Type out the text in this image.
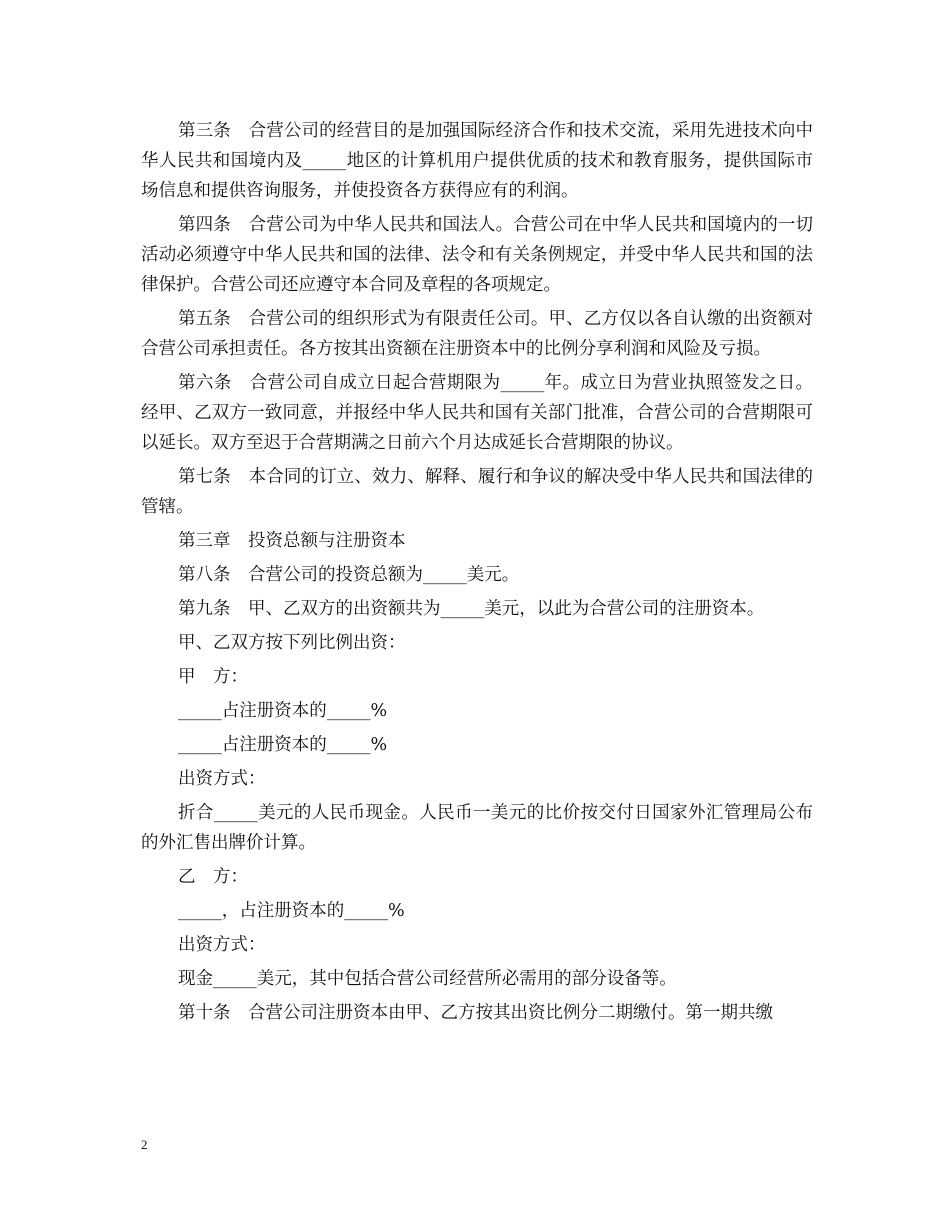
第三条　合营公司的经营目的是加强国际经济合作和技术交流，采用先进技术向中华人民共和国境内及_____地区的计算机用户提供优质的技术和教育服务，提供国际市场信息和提供咨询服务，并使投资各方获得应有的利润。

第四条　合营公司为中华人民共和国法人。合营公司在中华人民共和国境内的一切活动必须遵守中华人民共和国的法律、法令和有关条例规定，并受中华人民共和国的法律保护。合营公司还应遵守本合同及章程的各项规定。

第五条　合营公司的组织形式为有限责任公司。甲、乙方仅以各自认缴的出资额对合营公司承担责任。各方按其出资额在注册资本中的比例分享利润和风险及亏损。

第六条　合营公司自成立日起合营期限为_____年。成立日为营业执照签发之日。经甲、乙双方一致同意，并报经中华人民共和国有关部门批准，合营公司的合营期限可以延长。双方至迟于合营期满之日前六个月达成延长合营期限的协议。

第七条　本合同的订立、效力、解释、履行和争议的解决受中华人民共和国法律的管辖。

第三章　投资总额与注册资本

第八条　合营公司的投资总额为_____美元。

第九条　甲、乙双方的出资额共为_____美元，以此为合营公司的注册资本。

甲、乙双方按下列比例出资：

甲　方：

_____占注册资本的_____%

_____占注册资本的_____%

出资方式：

折合_____美元的人民币现金。人民币一美元的比价按交付日国家外汇管理局公布的外汇售出牌价计算。

乙　方：

_____，占注册资本的_____%

出资方式：

现金_____美元，其中包括合营公司经营所必需用的部分设备等。

第十条　合营公司注册资本由甲、乙方按其出资比例分二期缴付。第一期共缴

2
